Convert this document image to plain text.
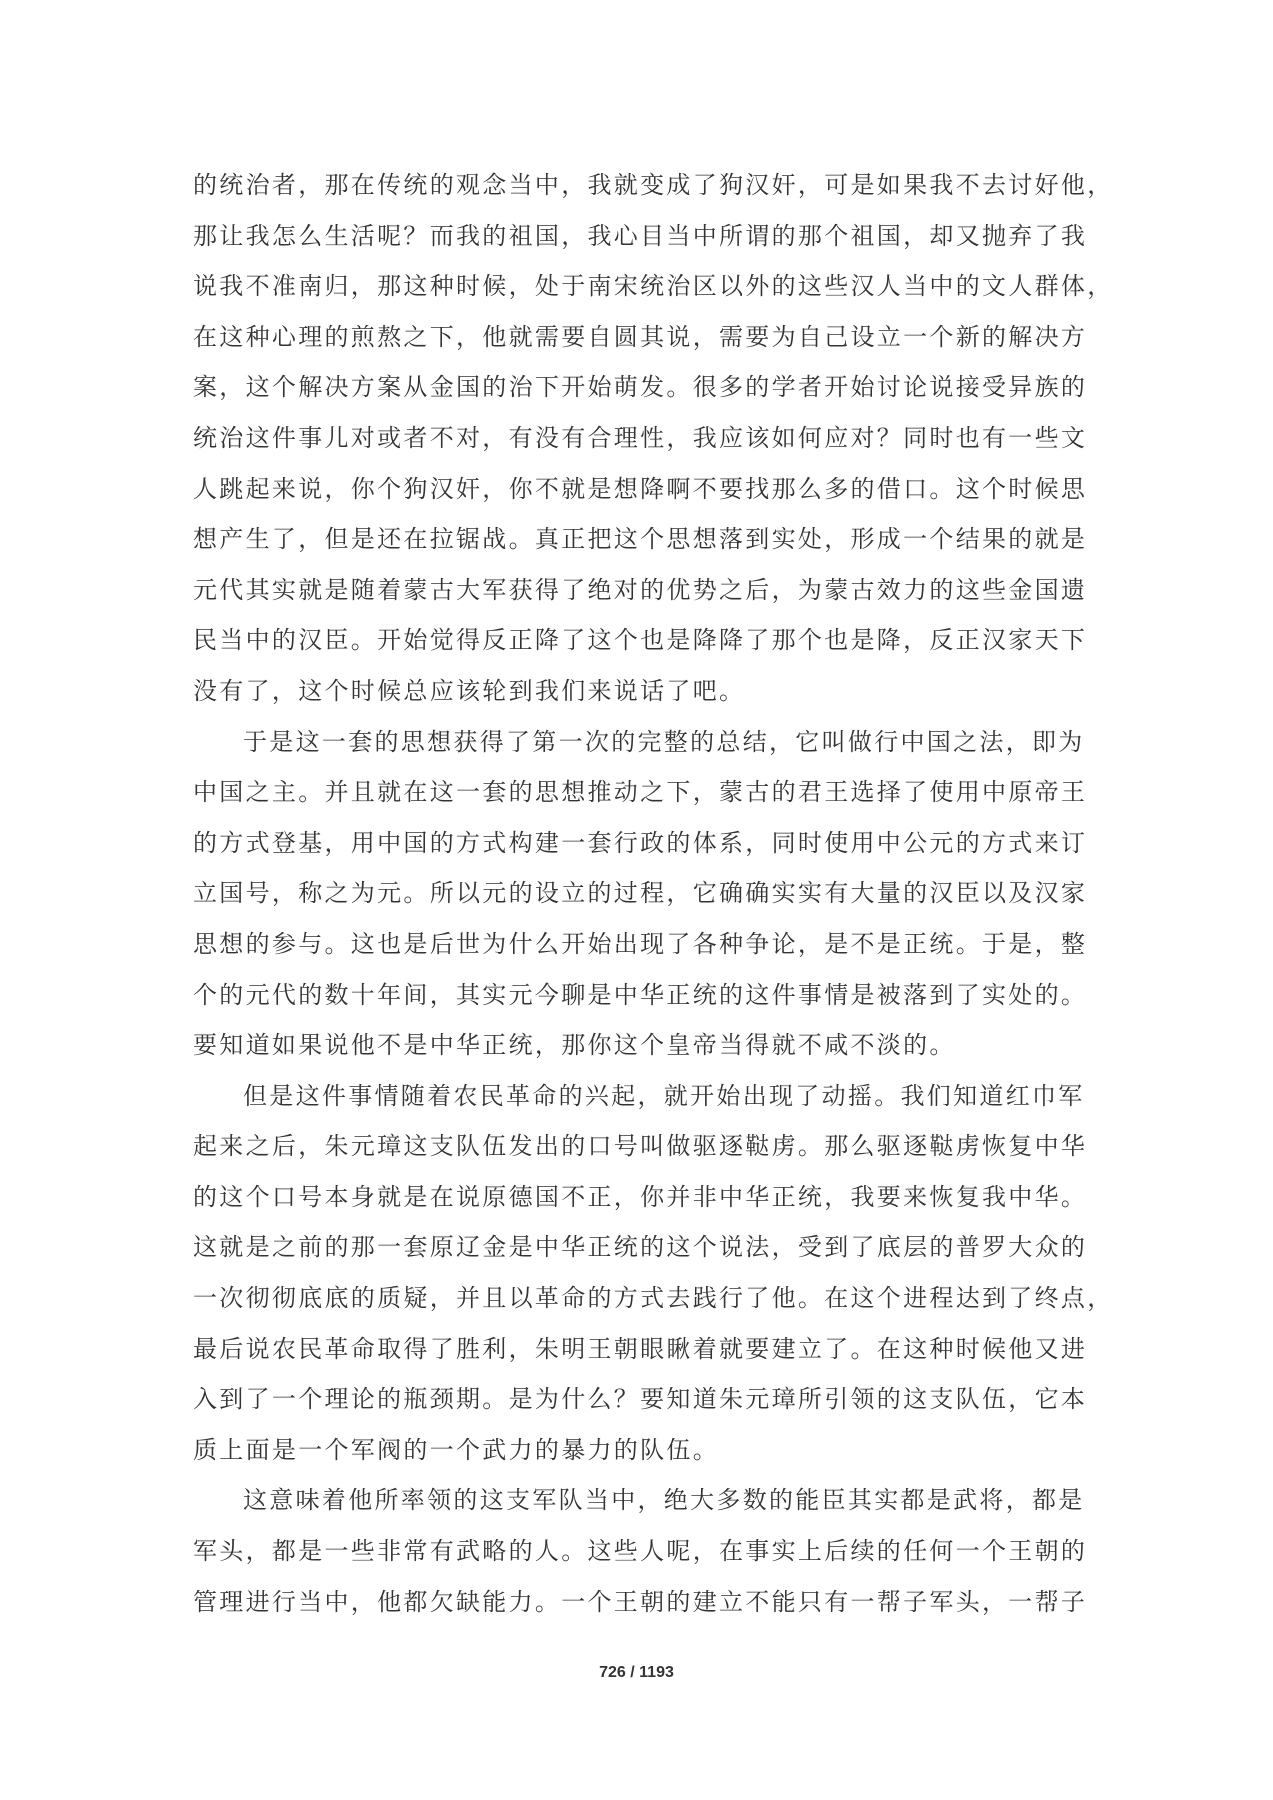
的统治者，那在传统的观念当中，我就变成了狗汉奸，可是如果我不去讨好他，
那让我怎么生活呢？而我的祖国，我心目当中所谓的那个祖国，却又抛弃了我
说我不准南归，那这种时候，处于南宋统治区以外的这些汉人当中的文人群体，
在这种心理的煎熬之下，他就需要自圆其说，需要为自己设立一个新的解决方
案，这个解决方案从金国的治下开始萌发。很多的学者开始讨论说接受异族的
统治这件事儿对或者不对，有没有合理性，我应该如何应对？同时也有一些文
人跳起来说，你个狗汉奸，你不就是想降啊不要找那么多的借口。这个时候思
想产生了，但是还在拉锯战。真正把这个思想落到实处，形成一个结果的就是
元代其实就是随着蒙古大军获得了绝对的优势之后，为蒙古效力的这些金国遗
民当中的汉臣。开始觉得反正降了这个也是降降了那个也是降，反正汉家天下
没有了，这个时候总应该轮到我们来说话了吧。
于是这一套的思想获得了第一次的完整的总结，它叫做行中国之法，即为
中国之主。并且就在这一套的思想推动之下，蒙古的君王选择了使用中原帝王
的方式登基，用中国的方式构建一套行政的体系，同时使用中公元的方式来订
立国号，称之为元。所以元的设立的过程，它确确实实有大量的汉臣以及汉家
思想的参与。这也是后世为什么开始出现了各种争论，是不是正统。于是，整
个的元代的数十年间，其实元今聊是中华正统的这件事情是被落到了实处的。
要知道如果说他不是中华正统，那你这个皇帝当得就不咸不淡的。
但是这件事情随着农民革命的兴起，就开始出现了动摇。我们知道红巾军
起来之后，朱元璋这支队伍发出的口号叫做驱逐鞑虏。那么驱逐鞑虏恢复中华
的这个口号本身就是在说原德国不正，你并非中华正统，我要来恢复我中华。
这就是之前的那一套原辽金是中华正统的这个说法，受到了底层的普罗大众的
一次彻彻底底的质疑，并且以革命的方式去践行了他。在这个进程达到了终点，
最后说农民革命取得了胜利，朱明王朝眼瞅着就要建立了。在这种时候他又进
入到了一个理论的瓶颈期。是为什么？要知道朱元璋所引领的这支队伍，它本
质上面是一个军阀的一个武力的暴力的队伍。
这意味着他所率领的这支军队当中，绝大多数的能臣其实都是武将，都是
军头，都是一些非常有武略的人。这些人呢，在事实上后续的任何一个王朝的
管理进行当中，他都欠缺能力。一个王朝的建立不能只有一帮子军头，一帮子
726 / 1193
